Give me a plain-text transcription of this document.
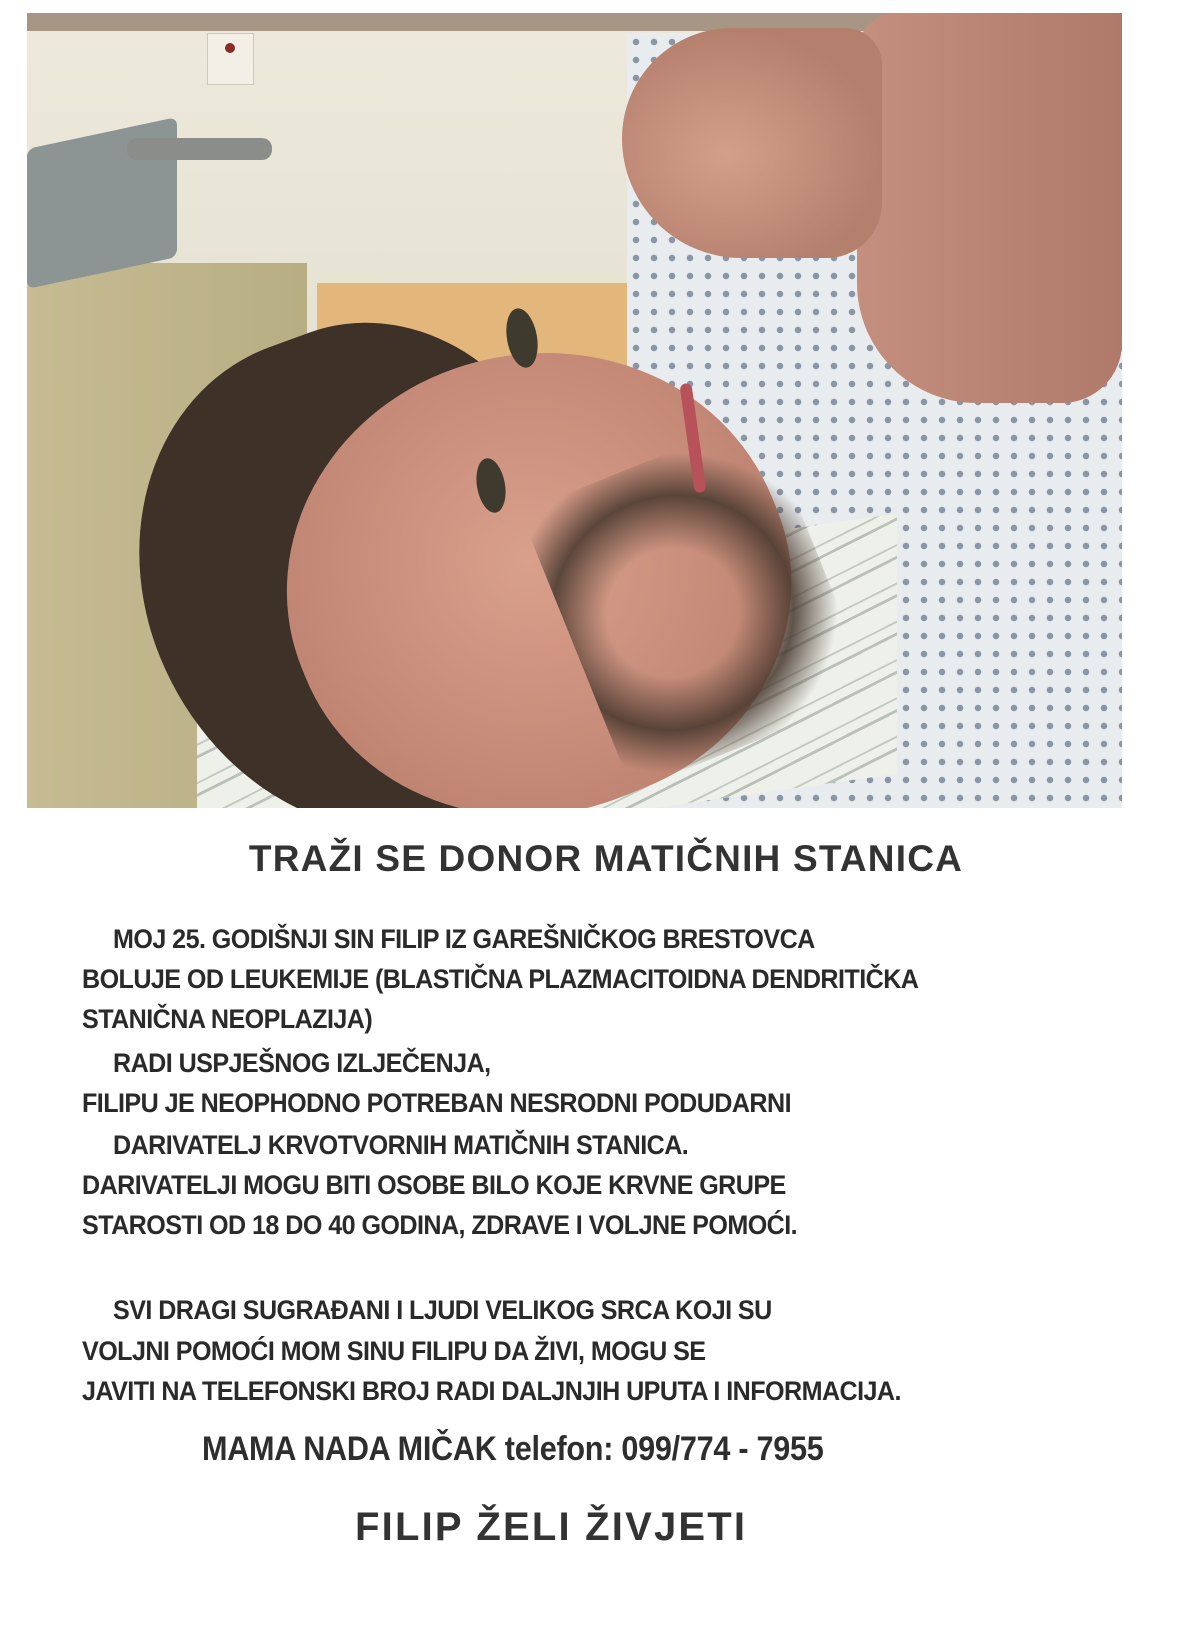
TRAŽI SE DONOR MATIČNIH STANICA
MOJ 25. GODIŠNJI SIN FILIP IZ GAREŠNIČKOG BRESTOVCA
BOLUJE OD LEUKEMIJE (BLASTIČNA PLAZMACITOIDNA DENDRITIČKA
STANIČNA NEOPLAZIJA)
RADI USPJEŠNOG IZLJEČENJA,
FILIPU JE NEOPHODNO POTREBAN NESRODNI PODUDARNI
DARIVATELJ KRVOTVORNIH MATIČNIH STANICA.
DARIVATELJI MOGU BITI OSOBE BILO KOJE KRVNE GRUPE
STAROSTI OD 18 DO 40 GODINA, ZDRAVE I VOLJNE POMOĆI.
SVI DRAGI SUGRAĐANI I LJUDI VELIKOG SRCA KOJI SU
VOLJNI POMOĆI MOM SINU FILIPU DA ŽIVI, MOGU SE
JAVITI NA TELEFONSKI BROJ RADI DALJNJIH UPUTA I INFORMACIJA.
MAMA NADA MIČAK telefon: 099/774 - 7955
FILIP ŽELI ŽIVJETI
